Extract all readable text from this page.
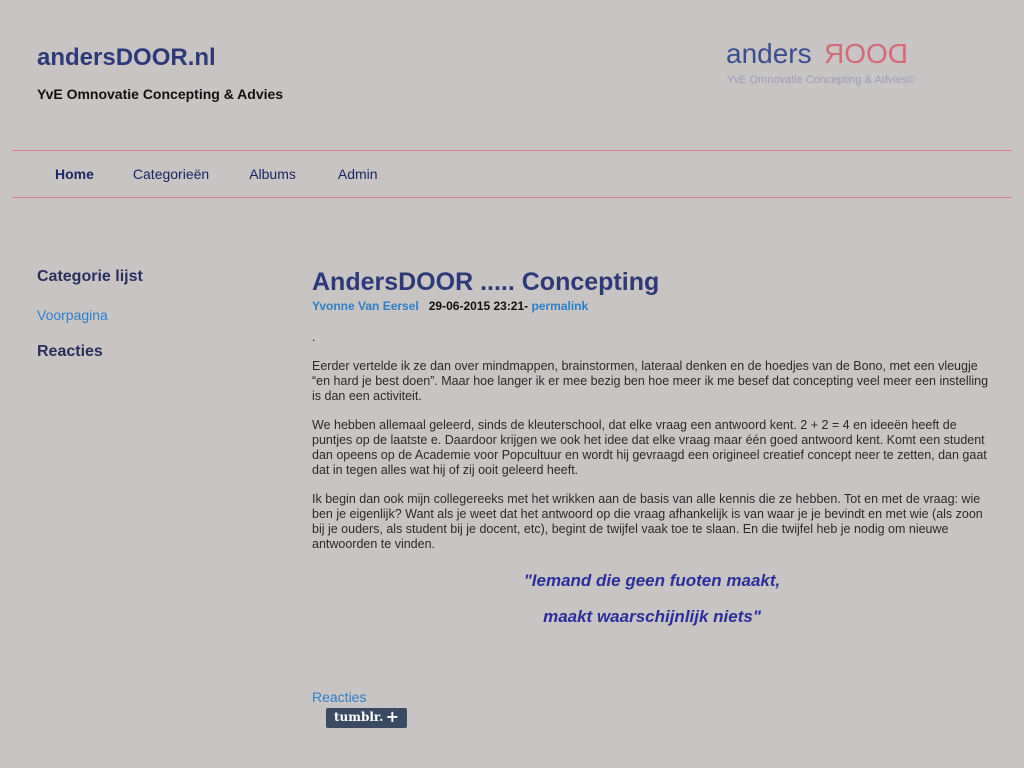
andersDOOR.nl
YvE Omnovatie Concepting & Advies
anders DOOR
YvE Omnovatie Concepting & Advies©
Home	Categorieën	Albums	Admin
Categorie lijst
Voorpagina
Reacties
AndersDOOR ..... Concepting
Yvonne Van Eersel 29-06-2015 23:21- permalink

.

Eerder vertelde ik ze dan over mindmappen, brainstormen, lateraal denken en de hoedjes van de Bono, met een vleugje “en hard je best doen”. Maar hoe langer ik er mee bezig ben hoe meer ik me besef dat concepting veel meer een instelling is dan een activiteit.

We hebben allemaal geleerd, sinds de kleuterschool, dat elke vraag een antwoord kent. 2 + 2 = 4 en ideeën heeft de puntjes op de laatste e. Daardoor krijgen we ook het idee dat elke vraag maar één goed antwoord kent. Komt een student dan opeens op de Academie voor Popcultuur en wordt hij gevraagd een origineel creatief concept neer te zetten, dan gaat dat in tegen alles wat hij of zij ooit geleerd heeft.

Ik begin dan ook mijn collegereeks met het wrikken aan de basis van alle kennis die ze hebben. Tot en met de vraag: wie ben je eigenlijk? Want als je weet dat het antwoord op die vraag afhankelijk is van waar je je bevindt en met wie (als zoon bij je ouders, als student bij je docent, etc), begint de twijfel vaak toe te slaan. En die twijfel heb je nodig om nieuwe antwoorden te vinden.

"Iemand die geen fuoten maakt,
maakt waarschijnlijk niets"
Reacties
tumblr. +
